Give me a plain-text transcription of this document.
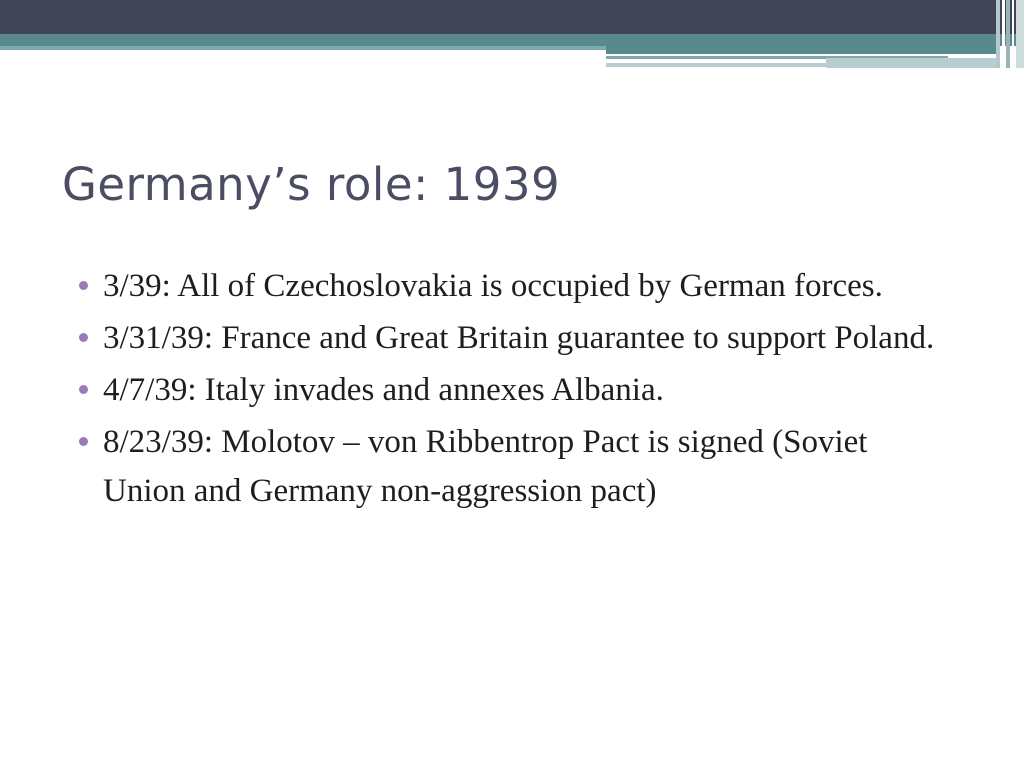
Germany’s role: 1939
3/39: All of Czechoslovakia is occupied by German forces.
3/31/39: France and Great Britain guarantee to support Poland.
4/7/39: Italy invades and annexes Albania.
8/23/39: Molotov – von Ribbentrop Pact is signed (Soviet Union and Germany non-aggression pact)
